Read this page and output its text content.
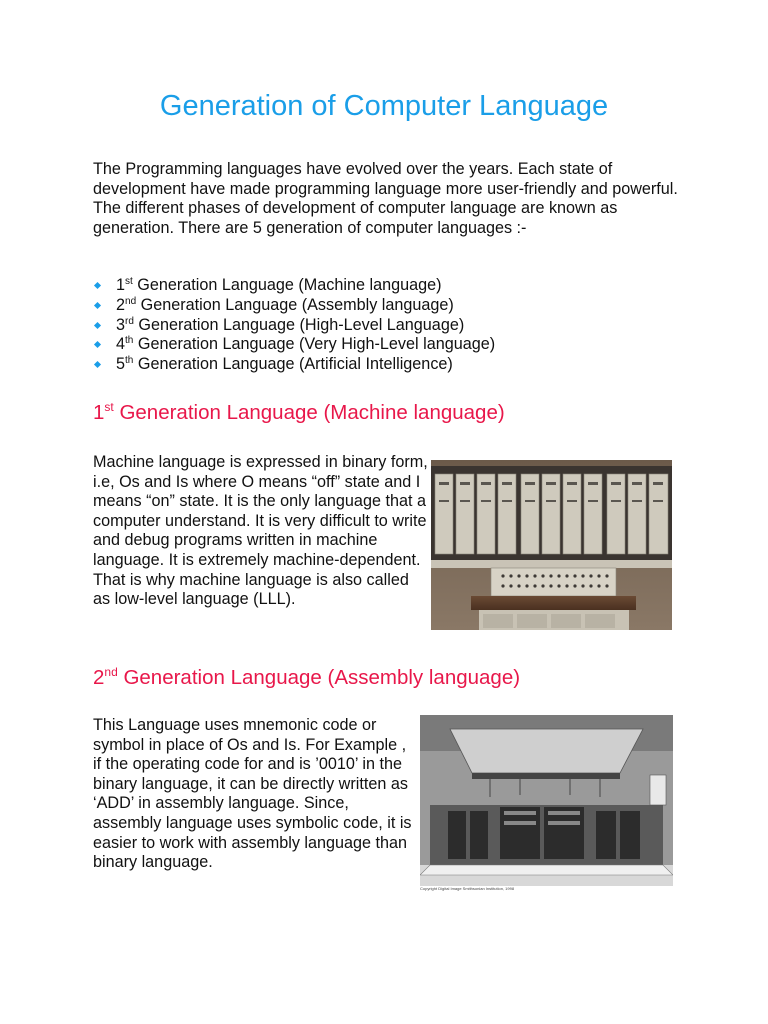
Generation of Computer Language

The Programming languages have evolved over the years. Each state of development have made programming language more user-friendly and powerful. The different phases of development of computer language are known as generation. There are 5 generation of computer languages :-

1st Generation Language (Machine language)
2nd Generation Language (Assembly language)
3rd Generation Language (High-Level Language)
4th Generation Language (Very High-Level language)
5th Generation Language (Artificial Intelligence)
1st Generation Language (Machine language)

Machine language is expressed in binary form, i.e, Os and Is where O means “off” state and I means “on” state. It is the only language that a computer understand. It is very difficult to write and debug programs written in machine language. It is extremely machine-dependent. That is why machine language is also called as low-level language (LLL).

2nd Generation Language (Assembly language)

This Language uses mnemonic code or symbol in place of Os and Is. For Example , if the operating code for and is ’0010’ in the binary language, it can be directly written as ‘ADD’ in assembly language. Since, assembly language uses symbolic code, it is easier to work with assembly language than binary language.

Copyright Digital Image Smithsonian Institution, 1998
